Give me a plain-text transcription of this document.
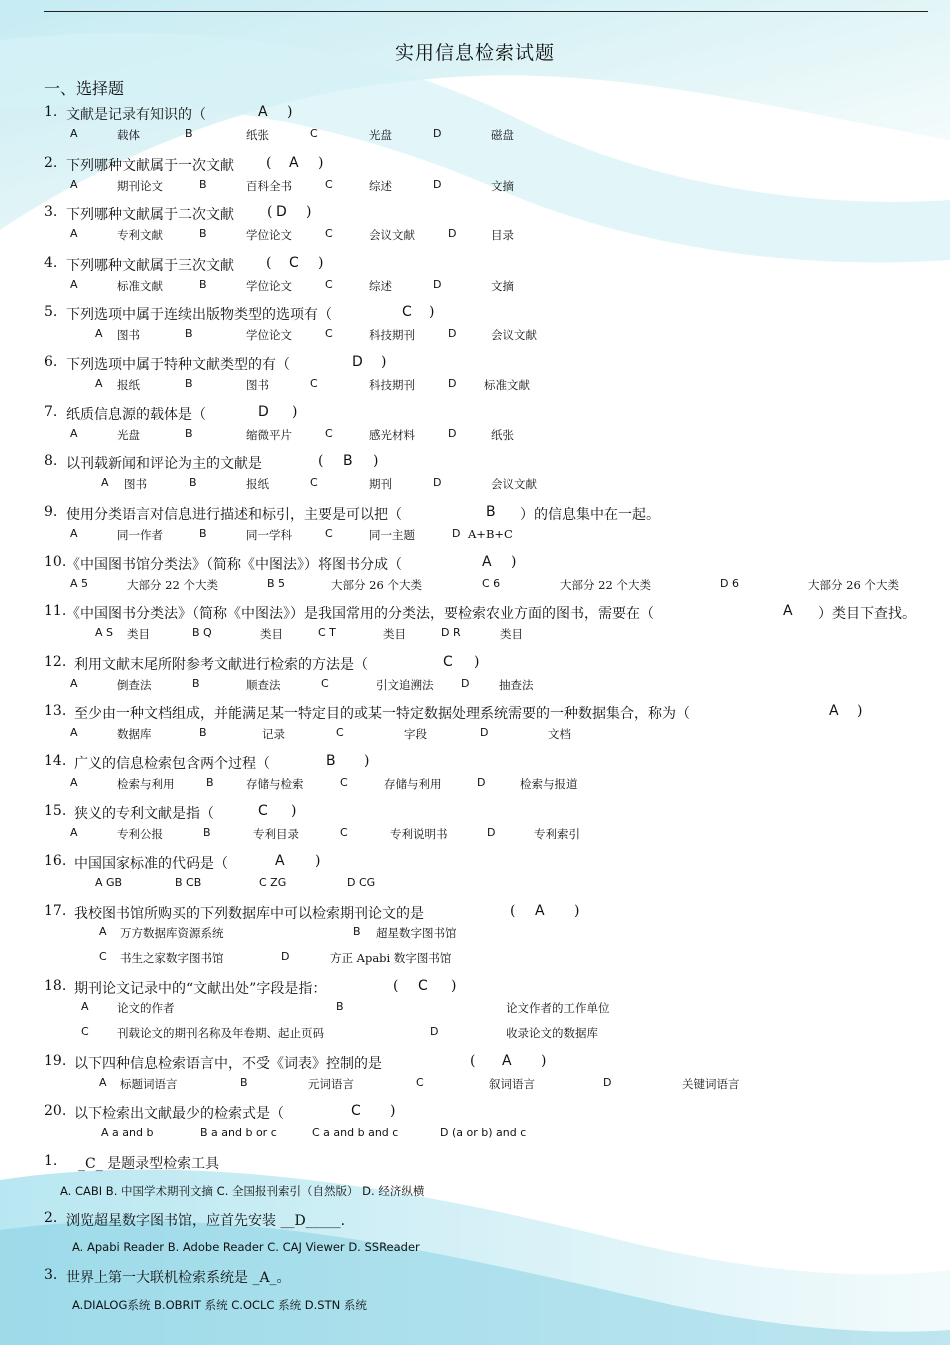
实用信息检索试题
一、选择题
1. 文献是记录有知识的（	A )
A	载体	B	纸张	C	光盘	D	磁盘
2. 下列哪种文献属于一次文献 ( A )
A	期刊论文	B	百科全书	C	综述	D	文摘
3. 下列哪种文献属于二次文献 ( D )
A	专利文献	B	学位论文	C	会议文献	D	目录
4. 下列哪种文献属于三次文献 ( C )
A	标准文献	B	学位论文	C	综述	D	文摘
5. 下列选项中属于连续出版物类型的选项有（	C )
A 图书	B	学位论文	C	科技期刊	D	会议文献
6. 下列选项中属于特种文献类型的有（	D )
A 报纸	B	图书	C	科技期刊	D 标准文献
7. 纸质信息源的载体是（	D )
A	光盘	B	缩微平片	C	感光材料	D	纸张
8. 以刊载新闻和评论为主的文献是	( B )
A 图书	B	报纸	C	期刊	D	会议文献
9. 使用分类语言对信息进行描述和标引，主要是可以把（	B ）的信息集中在一起。
A	同一作者	B	同一学科	C	同一主题	D A+B+C
10. 《中国图书馆分类法》（简称《中图法》）将图书分成（	A )
A 5	大部分 22 个大类	B 5	大部分 26 个大类	C 6	大部分 22 个大类	D 6	大部分 26 个大类
11. 《中国图书分类法》（简称《中图法》）是我国常用的分类法，要检索农业方面的图书，需要在（	A ）类目下查找。
A S 类目	B Q	类目	C T	类目	D R	类目
12. 利用文献末尾所附参考文献进行检索的方法是（	C )
A	倒查法	B	顺查法	C	引文追溯法	D	抽查法
13. 至少由一种文档组成，并能满足某一特定目的或某一特定数据处理系统需要的一种数据集合，称为（	A )
A	数据库	B	记录	C	字段	D	文档
14. 广义的信息检索包含两个过程（	B )
A	检索与利用	B	存储与检索	C	存储与利用	D	检索与报道
15. 狭义的专利文献是指（	C )
A	专利公报	B	专利目录	C	专利说明书	D	专利索引
16. 中国国家标准的代码是（	A )
A GB	B CB	C ZG	D CG
17. 我校图书馆所购买的下列数据库中可以检索期刊论文的是	( A )
A 万方数据库资源系统	B 超星数字图书馆
C 书生之家数字图书馆	D	方正 Apabi 数字图书馆
18. 期刊论文记录中的“文献出处”字段是指：	( C )
A 论文的作者	B	论文作者的工作单位
C 刊载论文的期刊名称及年卷期、起止页码	D	收录论文的数据库
19. 以下四种信息检索语言中，不受《词表》控制的是	( A )
A 标题词语言	B	元词语言	C	叙词语言	D	关键词语言
20. 以下检索出文献最少的检索式是（	C )
A a and b	B a and b or c	C a and b and c	D (a or b) and c
1. _C_ 是题录型检索工具
A. CABI B. 中国学术期刊文摘 C. 全国报刊索引（自然版） D. 经济纵横
2. 浏览超星数字图书馆，应首先安装 __D_____.
A. Apabi Reader B. Adobe Reader C. CAJ Viewer D. SSReader
3. 世界上第一大联机检索系统是 _A_。
A.DIALOG系统 B.OBRIT 系统 C.OCLC 系统 D.STN 系统
